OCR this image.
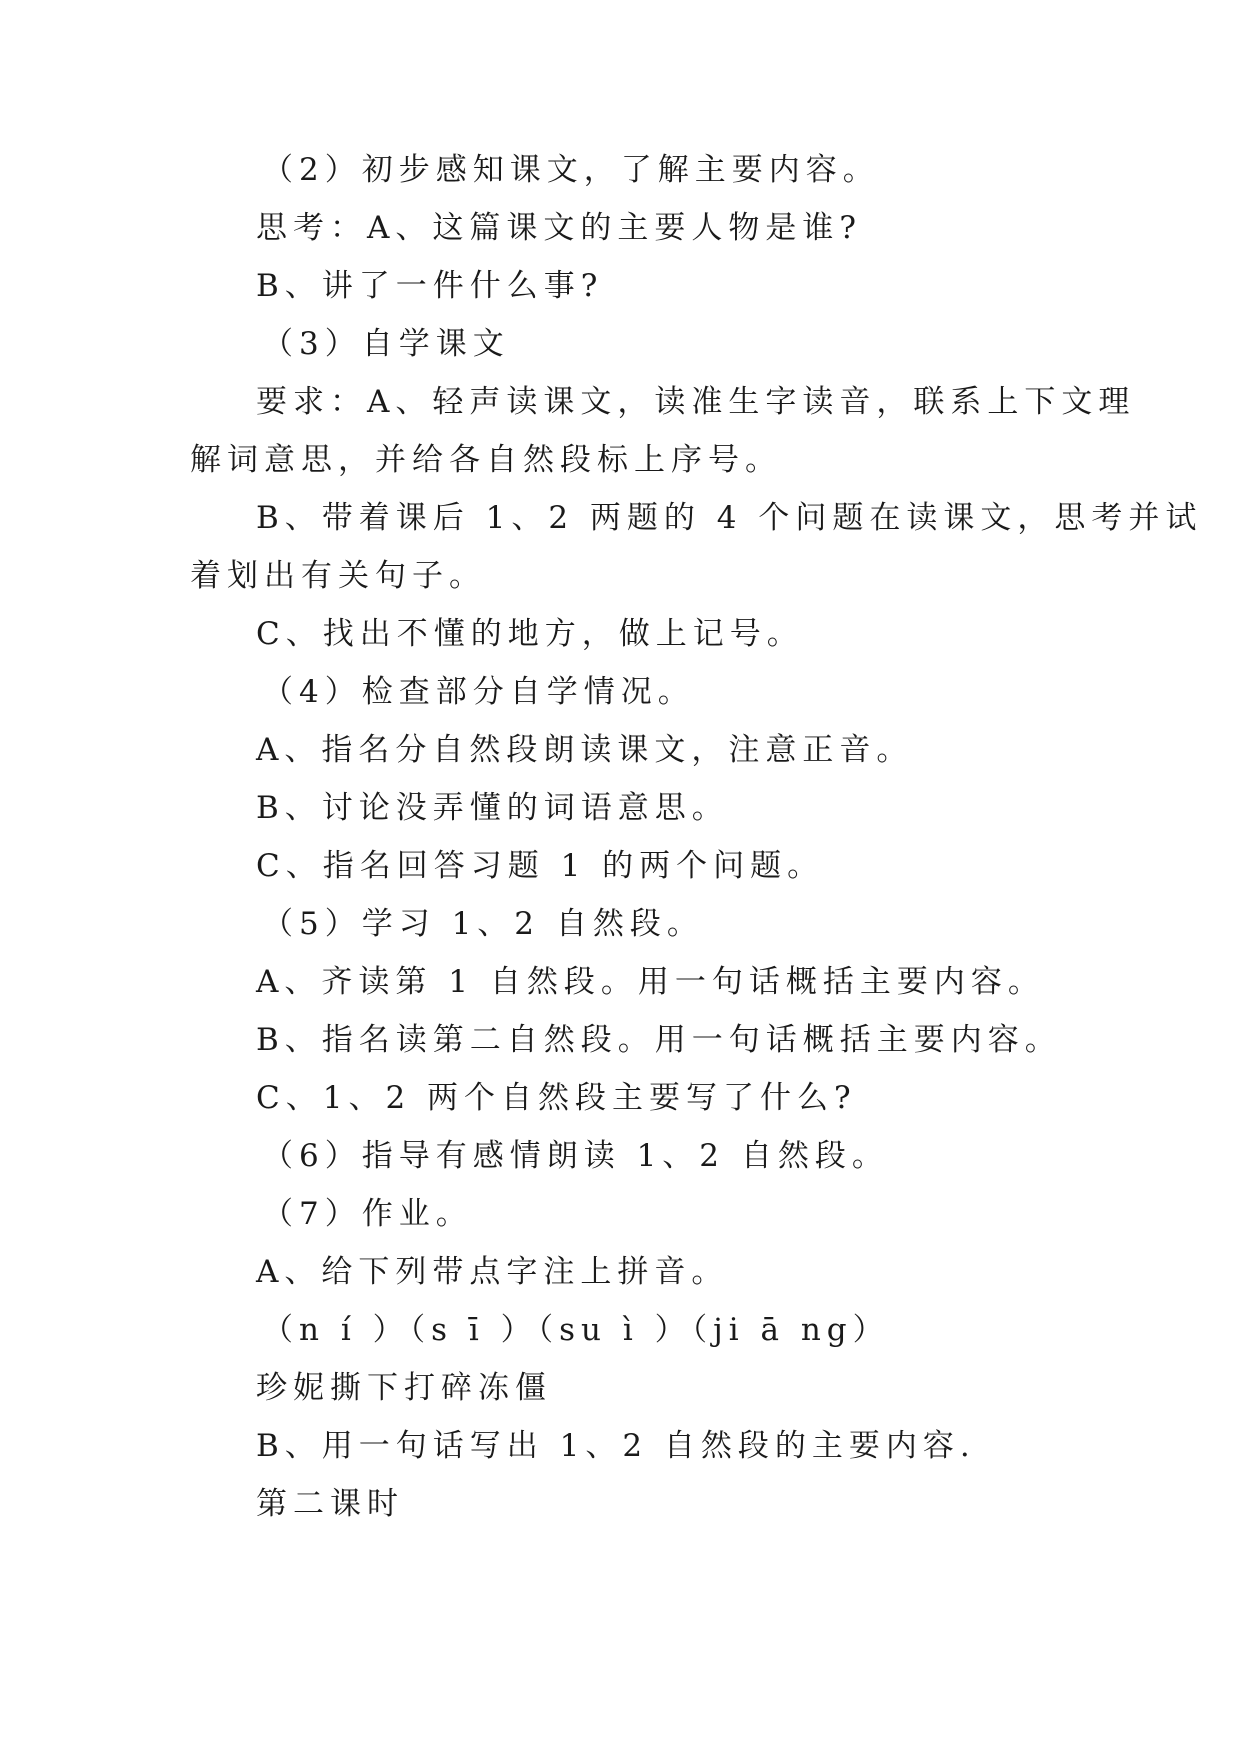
（2）初步感知课文，了解主要内容。
思考：A、这篇课文的主要人物是谁?
B、讲了一件什么事?
（3）自学课文
要求：A、轻声读课文，读准生字读音，联系上下文理
解词意思，并给各自然段标上序号。
B、带着课后 1、2 两题的 4 个问题在读课文，思考并试
着划出有关句子。
C、找出不懂的地方，做上记号。
（4）检查部分自学情况。
A、指名分自然段朗读课文，注意正音。
B、讨论没弄懂的词语意思。
C、指名回答习题 1 的两个问题。
（5）学习 1、2 自然段。
A、齐读第 1 自然段。用一句话概括主要内容。
B、指名读第二自然段。用一句话概括主要内容。
C、1、2 两个自然段主要写了什么?
（6）指导有感情朗读 1、2 自然段。
（7）作业。
A、给下列带点字注上拼音。
（n í ）（s ī ）（su ì ）（ji ā ng）
珍妮撕下打碎冻僵
B、用一句话写出 1、2 自然段的主要内容.
第二课时
